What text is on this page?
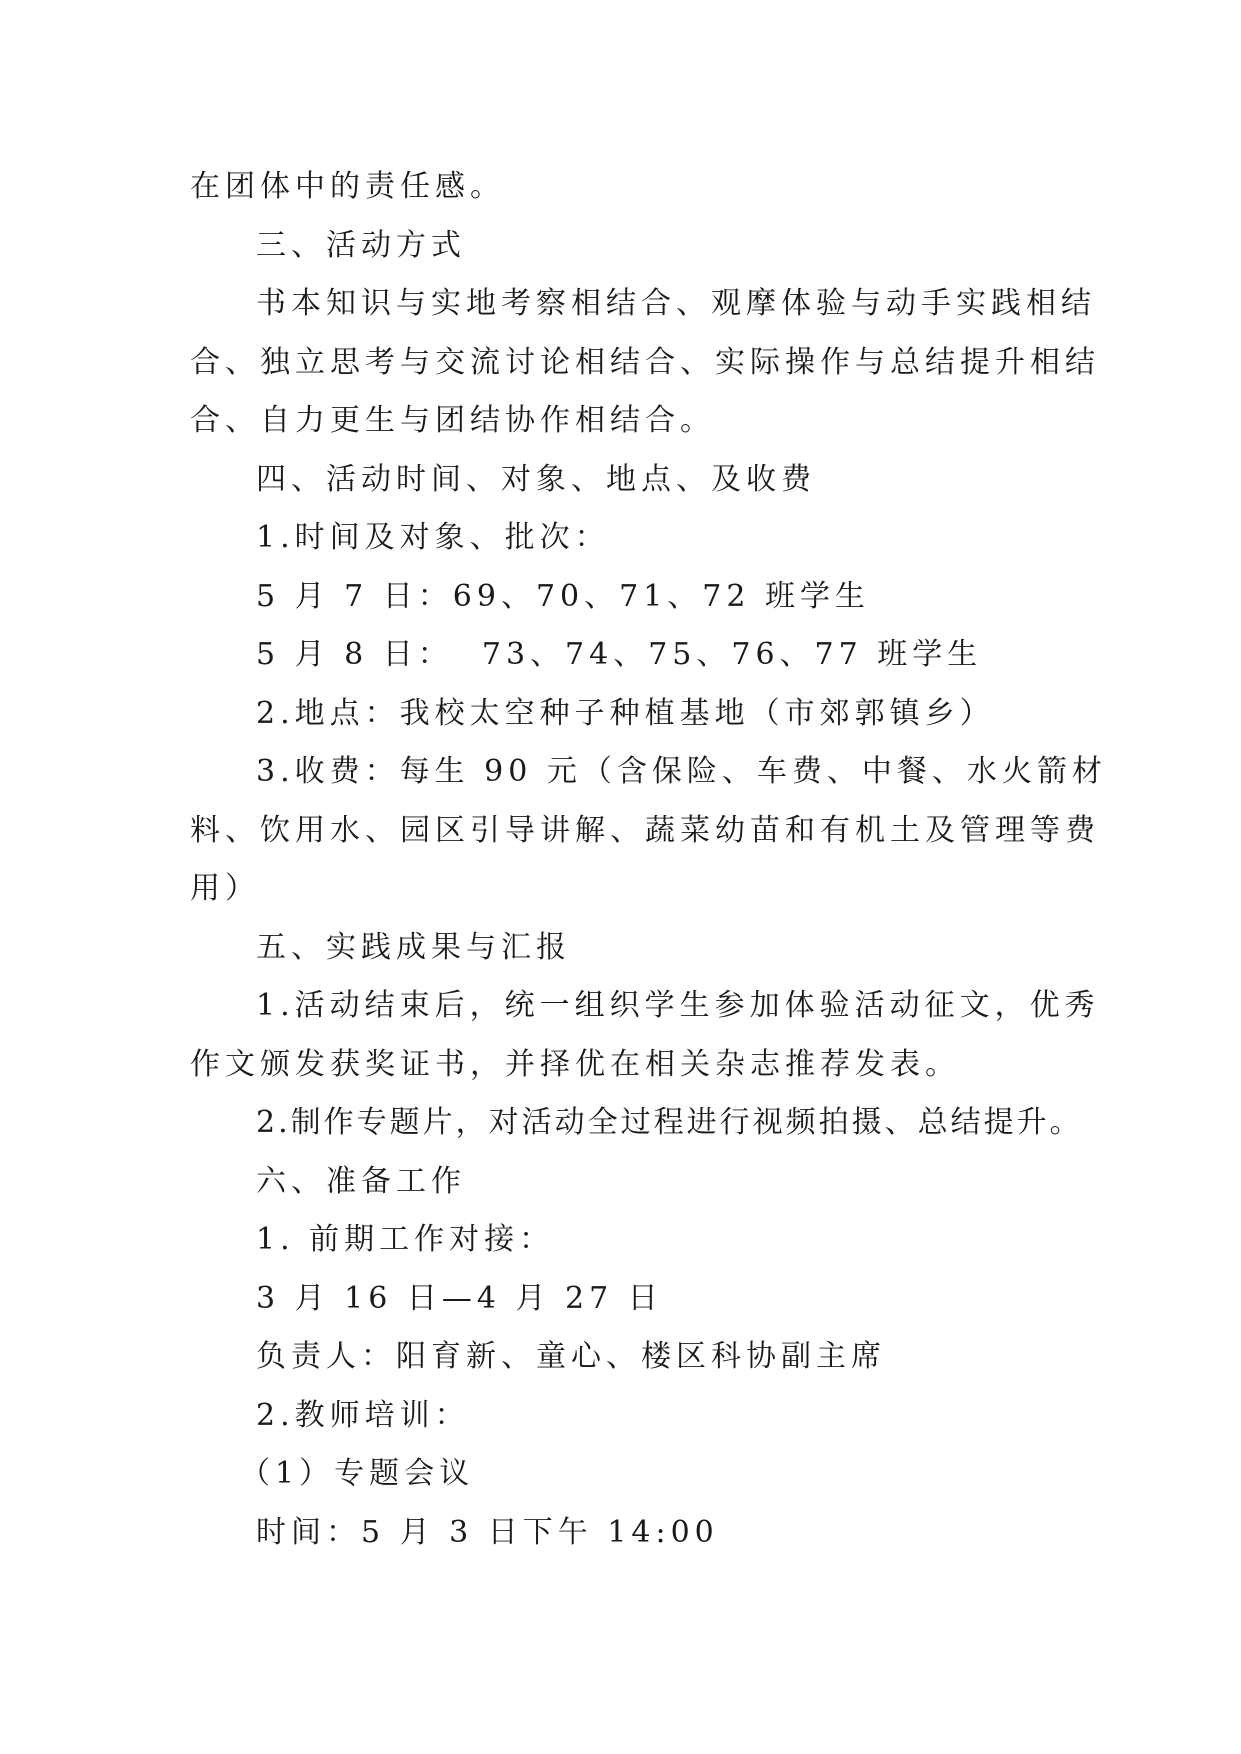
在团体中的责任感。
三、活动方式
书本知识与实地考察相结合、观摩体验与动手实践相结
合、独立思考与交流讨论相结合、实际操作与总结提升相结
合、自力更生与团结协作相结合。
四、活动时间、对象、地点、及收费
1.时间及对象、批次：
5 月 7 日：69、70、71、72 班学生
5 月 8 日：  73、74、75、76、77 班学生
2.地点：我校太空种子种植基地（市郊郭镇乡）
3.收费：每生 90 元（含保险、车费、中餐、水火箭材
料、饮用水、园区引导讲解、蔬菜幼苗和有机土及管理等费
用）
五、实践成果与汇报
1.活动结束后，统一组织学生参加体验活动征文，优秀
作文颁发获奖证书，并择优在相关杂志推荐发表。
2.制作专题片，对活动全过程进行视频拍摄、总结提升。
六、准备工作
1. 前期工作对接：
3 月 16 日—4 月 27 日
负责人：阳育新、童心、楼区科协副主席
2.教师培训：
（1）专题会议
时间：5 月 3 日下午 14:00
